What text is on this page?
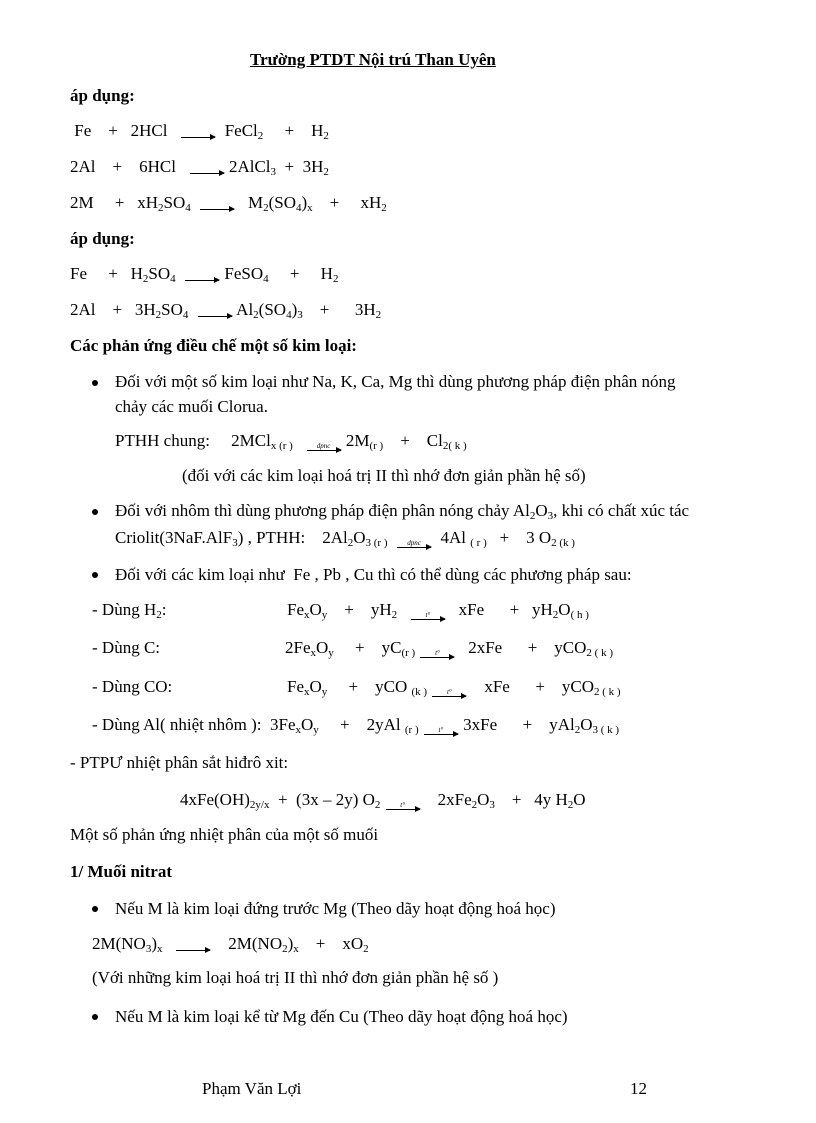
Trường PTDT Nội trú Than Uyên
áp dụng:
Fe    +   2HCl → FeCl$_2$     +    $H_2$
2Al    +    6HCl → 2AlCl$_3$  +  $3H_2$
2M     +   $xH_2SO_4 \to M_2(SO_4)_x$    +     $xH_2$
áp dụng:
Fe     +   $H_2SO_4$ → FeSO$_4$     +     $H_2$
2Al    +   $3H_2SO_4 \to Al_2(SO_4)_3$    +      $3H_2$
Các phản ứng điều chế một số kim loại:
Đối với một số kim loại như Na, K, Ca, Mg thì dùng phương pháp điện phân nóng
chảy các muối Clorua.
PTHH chung:     2MCl$_{x (r )}$	dpnc $2M_{(r )}$    +    $Cl_{2( k )}$
(đối với các kim loại hoá trị II thì nhớ đơn giản phần hệ số)
Đối với nhôm thì dùng phương pháp điện phân nóng chảy $Al_2O_3$, khi có chất xúc tác
Criolit(3NaF.AlF$_3$) , PTHH:    $2Al_2O_{3 (r )}$	dpnc 4Al $_{( r )}$   +    3 $O_{2 (k )}$
Đối với các kim loại như  Fe , Pb , Cu thì có thể dùng các phương pháp sau:
- Dùng $H_2$:	$Fe_xO_y$    +    $yH_2$	t° xFe      +   $yH_2O_{( h )}$
- Dùng C:	$2Fe_xO_y$     +    $yC_{(r )}$	t° 2xFe      +    yCO$_{2 ( k )}$
- Dùng CO:	$Fe_xO_y$     +    yCO $_{(k )}$	t° xFe      +    yCO$_{2 ( k )}$
- Dùng Al( nhiệt nhôm ):  $3Fe_xO_y$     +    2yAl $_{(r )}$	t° 3xFe      +    $yAl_2O_{3 ( k )}$
- PTPƯ nhiệt phân sắt hiđrô xit:
$4xFe(OH)_{2y/x} + (3x - 2y)$ $O_2$	t° $2xFe_2O_3$    +   4y $H_2O$
Một số phản ứng nhiệt phân của một số muối
1/ Muối nitrat
Nếu M là kim loại đứng trước Mg (Theo dãy hoạt động hoá học)
$2M(NO_3)_x \to 2M(NO_2)_x$    +    $xO_2$
(Với những kim loại hoá trị II thì nhớ đơn giản phần hệ số )
Nếu M là kim loại kể từ Mg đến Cu (Theo dãy hoạt động hoá học)
Phạm Văn Lợi	12
